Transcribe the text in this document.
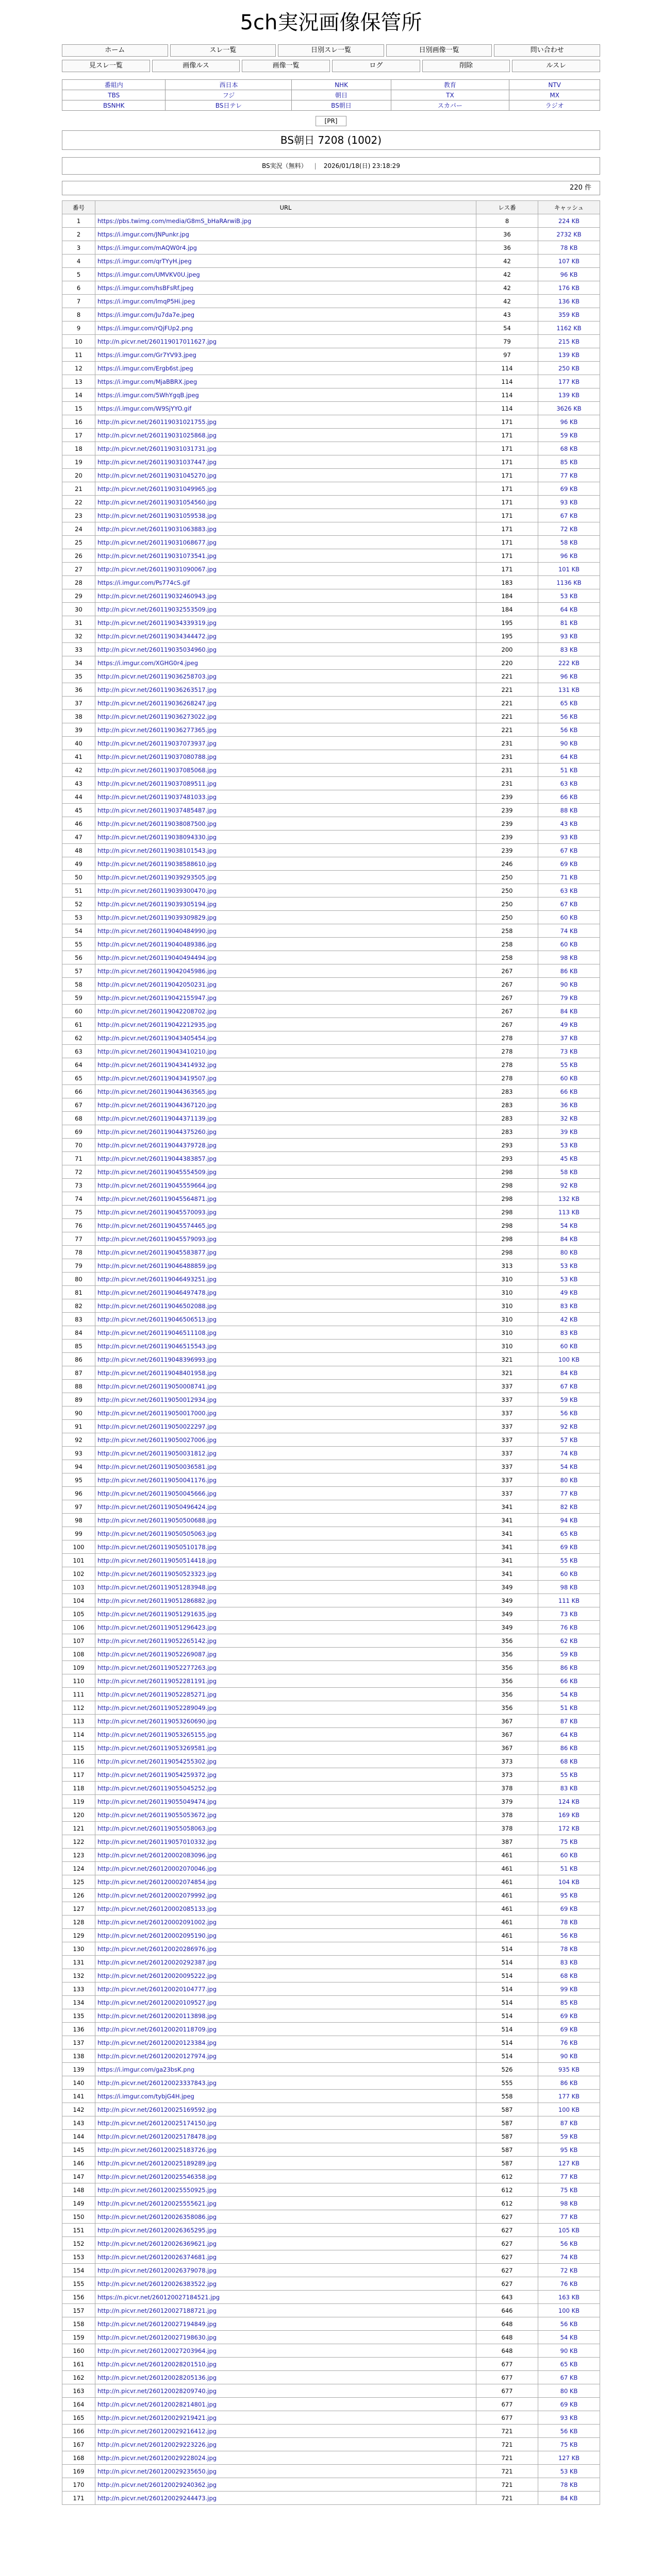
5ch実況画像保管所
ホーム	スレ一覧	日別スレ一覧	日別画像一覧	問い合わせ
見スレ一覧	画像ルス	画像一覧	ログ	削除	ルスレ
番組内	西日本	NHK	教育	NTV
TBS	フジ	朝日	TX	MX
BSNHK	BS日テレ	BS朝日	スカパー	ラジオ
[PR]
BS朝日 7208 (1002)
BS実況（無料） | 2026/01/18(日) 23:18:29
220 件
番号	URL	レス番	キャッシュ
1	https://pbs.twimg.com/media/G8mS_bHaRArwiB.jpg	8	224 KB
2	https://i.imgur.com/JNPunkr.jpg	36	2732 KB
3	https://i.imgur.com/mAQW0r4.jpg	36	78 KB
4	https://i.imgur.com/qrTYyH.jpeg	42	107 KB
5	https://i.imgur.com/UMVKV0U.jpeg	42	96 KB
6	https://i.imgur.com/hsBFsRf.jpeg	42	176 KB
7	https://i.imgur.com/lmqP5Hi.jpeg	42	136 KB
8	https://i.imgur.com/Ju7da7e.jpeg	43	359 KB
9	https://i.imgur.com/rQjFUp2.png	54	1162 KB
10	http://n.picvr.net/260119017011627.jpg	79	215 KB
11	https://i.imgur.com/Gr7YV93.jpeg	97	139 KB
12	https://i.imgur.com/Ergb6st.jpeg	114	250 KB
13	https://i.imgur.com/MjaBBRX.jpeg	114	177 KB
14	https://i.imgur.com/5WhYgqB.jpeg	114	139 KB
15	https://i.imgur.com/W9SjYYO.gif	114	3626 KB
16	http://n.picvr.net/260119031021755.jpg	171	96 KB
17	http://n.picvr.net/260119031025868.jpg	171	59 KB
18	http://n.picvr.net/260119031031731.jpg	171	68 KB
19	http://n.picvr.net/260119031037447.jpg	171	85 KB
20	http://n.picvr.net/260119031045270.jpg	171	77 KB
21	http://n.picvr.net/260119031049965.jpg	171	69 KB
22	http://n.picvr.net/260119031054560.jpg	171	93 KB
23	http://n.picvr.net/260119031059538.jpg	171	67 KB
24	http://n.picvr.net/260119031063883.jpg	171	72 KB
25	http://n.picvr.net/260119031068677.jpg	171	58 KB
26	http://n.picvr.net/260119031073541.jpg	171	96 KB
27	http://n.picvr.net/260119031090067.jpg	171	101 KB
28	https://i.imgur.com/Ps774cS.gif	183	1136 KB
29	http://n.picvr.net/260119032460943.jpg	184	53 KB
30	http://n.picvr.net/260119032553509.jpg	184	64 KB
31	http://n.picvr.net/260119034339319.jpg	195	81 KB
32	http://n.picvr.net/260119034344472.jpg	195	93 KB
33	http://n.picvr.net/260119035034960.jpg	200	83 KB
34	https://i.imgur.com/XGHG0r4.jpeg	220	222 KB
35	http://n.picvr.net/260119036258703.jpg	221	96 KB
36	http://n.picvr.net/260119036263517.jpg	221	131 KB
37	http://n.picvr.net/260119036268247.jpg	221	65 KB
38	http://n.picvr.net/260119036273022.jpg	221	56 KB
39	http://n.picvr.net/260119036277365.jpg	221	56 KB
40	http://n.picvr.net/260119037073937.jpg	231	90 KB
41	http://n.picvr.net/260119037080788.jpg	231	64 KB
42	http://n.picvr.net/260119037085068.jpg	231	51 KB
43	http://n.picvr.net/260119037089511.jpg	231	63 KB
44	http://n.picvr.net/260119037481033.jpg	239	66 KB
45	http://n.picvr.net/260119037485487.jpg	239	88 KB
46	http://n.picvr.net/260119038087500.jpg	239	43 KB
47	http://n.picvr.net/260119038094330.jpg	239	93 KB
48	http://n.picvr.net/260119038101543.jpg	239	67 KB
49	http://n.picvr.net/260119038588610.jpg	246	69 KB
50	http://n.picvr.net/260119039293505.jpg	250	71 KB
51	http://n.picvr.net/260119039300470.jpg	250	63 KB
52	http://n.picvr.net/260119039305194.jpg	250	67 KB
53	http://n.picvr.net/260119039309829.jpg	250	60 KB
54	http://n.picvr.net/260119040484990.jpg	258	74 KB
55	http://n.picvr.net/260119040489386.jpg	258	60 KB
56	http://n.picvr.net/260119040494494.jpg	258	98 KB
57	http://n.picvr.net/260119042045986.jpg	267	86 KB
58	http://n.picvr.net/260119042050231.jpg	267	90 KB
59	http://n.picvr.net/260119042155947.jpg	267	79 KB
60	http://n.picvr.net/260119042208702.jpg	267	84 KB
61	http://n.picvr.net/260119042212935.jpg	267	49 KB
62	http://n.picvr.net/260119043405454.jpg	278	37 KB
63	http://n.picvr.net/260119043410210.jpg	278	73 KB
64	http://n.picvr.net/260119043414932.jpg	278	55 KB
65	http://n.picvr.net/260119043419507.jpg	278	60 KB
66	http://n.picvr.net/260119044363565.jpg	283	66 KB
67	http://n.picvr.net/260119044367120.jpg	283	36 KB
68	http://n.picvr.net/260119044371139.jpg	283	32 KB
69	http://n.picvr.net/260119044375260.jpg	283	39 KB
70	http://n.picvr.net/260119044379728.jpg	293	53 KB
71	http://n.picvr.net/260119044383857.jpg	293	45 KB
72	http://n.picvr.net/260119045554509.jpg	298	58 KB
73	http://n.picvr.net/260119045559664.jpg	298	92 KB
74	http://n.picvr.net/260119045564871.jpg	298	132 KB
75	http://n.picvr.net/260119045570093.jpg	298	113 KB
76	http://n.picvr.net/260119045574465.jpg	298	54 KB
77	http://n.picvr.net/260119045579093.jpg	298	84 KB
78	http://n.picvr.net/260119045583877.jpg	298	80 KB
79	http://n.picvr.net/260119046488859.jpg	313	53 KB
80	http://n.picvr.net/260119046493251.jpg	310	53 KB
81	http://n.picvr.net/260119046497478.jpg	310	49 KB
82	http://n.picvr.net/260119046502088.jpg	310	83 KB
83	http://n.picvr.net/260119046506513.jpg	310	42 KB
84	http://n.picvr.net/260119046511108.jpg	310	83 KB
85	http://n.picvr.net/260119046515543.jpg	310	60 KB
86	http://n.picvr.net/260119048396993.jpg	321	100 KB
87	http://n.picvr.net/260119048401958.jpg	321	84 KB
88	http://n.picvr.net/260119050008741.jpg	337	67 KB
89	http://n.picvr.net/260119050012934.jpg	337	59 KB
90	http://n.picvr.net/260119050017000.jpg	337	56 KB
91	http://n.picvr.net/260119050022297.jpg	337	92 KB
92	http://n.picvr.net/260119050027006.jpg	337	57 KB
93	http://n.picvr.net/260119050031812.jpg	337	74 KB
94	http://n.picvr.net/260119050036581.jpg	337	54 KB
95	http://n.picvr.net/260119050041176.jpg	337	80 KB
96	http://n.picvr.net/260119050045666.jpg	337	77 KB
97	http://n.picvr.net/260119050496424.jpg	341	82 KB
98	http://n.picvr.net/260119050500688.jpg	341	94 KB
99	http://n.picvr.net/260119050505063.jpg	341	65 KB
100	http://n.picvr.net/260119050510178.jpg	341	69 KB
101	http://n.picvr.net/260119050514418.jpg	341	55 KB
102	http://n.picvr.net/260119050523323.jpg	341	60 KB
103	http://n.picvr.net/260119051283948.jpg	349	98 KB
104	http://n.picvr.net/260119051286882.jpg	349	111 KB
105	http://n.picvr.net/260119051291635.jpg	349	73 KB
106	http://n.picvr.net/260119051296423.jpg	349	76 KB
107	http://n.picvr.net/260119052265142.jpg	356	62 KB
108	http://n.picvr.net/260119052269087.jpg	356	59 KB
109	http://n.picvr.net/260119052277263.jpg	356	86 KB
110	http://n.picvr.net/260119052281191.jpg	356	66 KB
111	http://n.picvr.net/260119052285271.jpg	356	54 KB
112	http://n.picvr.net/260119052289049.jpg	356	51 KB
113	http://n.picvr.net/260119053260690.jpg	367	87 KB
114	http://n.picvr.net/260119053265155.jpg	367	64 KB
115	http://n.picvr.net/260119053269581.jpg	367	86 KB
116	http://n.picvr.net/260119054255302.jpg	373	68 KB
117	http://n.picvr.net/260119054259372.jpg	373	55 KB
118	http://n.picvr.net/260119055045252.jpg	378	83 KB
119	http://n.picvr.net/260119055049474.jpg	379	124 KB
120	http://n.picvr.net/260119055053672.jpg	378	169 KB
121	http://n.picvr.net/260119055058063.jpg	378	172 KB
122	http://n.picvr.net/260119057010332.jpg	387	75 KB
123	http://n.picvr.net/260120002083096.jpg	461	60 KB
124	http://n.picvr.net/260120002070046.jpg	461	51 KB
125	http://n.picvr.net/260120002074854.jpg	461	104 KB
126	http://n.picvr.net/260120002079992.jpg	461	95 KB
127	http://n.picvr.net/260120002085133.jpg	461	69 KB
128	http://n.picvr.net/260120002091002.jpg	461	78 KB
129	http://n.picvr.net/260120002095190.jpg	461	56 KB
130	http://n.picvr.net/260120020286976.jpg	514	78 KB
131	http://n.picvr.net/260120020292387.jpg	514	83 KB
132	http://n.picvr.net/260120020095222.jpg	514	68 KB
133	http://n.picvr.net/260120020104777.jpg	514	99 KB
134	http://n.picvr.net/260120020109527.jpg	514	85 KB
135	http://n.picvr.net/260120020113898.jpg	514	69 KB
136	http://n.picvr.net/260120020118709.jpg	514	69 KB
137	http://n.picvr.net/260120020123384.jpg	514	76 KB
138	http://n.picvr.net/260120020127974.jpg	514	90 KB
139	https://i.imgur.com/ga23bsK.png	526	935 KB
140	http://n.picvr.net/260120023337843.jpg	555	86 KB
141	https://i.imgur.com/tybjG4H.jpeg	558	177 KB
142	http://n.picvr.net/260120025169592.jpg	587	100 KB
143	http://n.picvr.net/260120025174150.jpg	587	87 KB
144	http://n.picvr.net/260120025178478.jpg	587	59 KB
145	http://n.picvr.net/260120025183726.jpg	587	95 KB
146	http://n.picvr.net/260120025189289.jpg	587	127 KB
147	http://n.picvr.net/260120025546358.jpg	612	77 KB
148	http://n.picvr.net/260120025550925.jpg	612	75 KB
149	http://n.picvr.net/260120025555621.jpg	612	98 KB
150	http://n.picvr.net/260120026358086.jpg	627	77 KB
151	http://n.picvr.net/260120026365295.jpg	627	105 KB
152	http://n.picvr.net/260120026369621.jpg	627	56 KB
153	http://n.picvr.net/260120026374681.jpg	627	74 KB
154	http://n.picvr.net/260120026379078.jpg	627	72 KB
155	http://n.picvr.net/260120026383522.jpg	627	76 KB
156	https://n.picvr.net/260120027184521.jpg	643	163 KB
157	http://n.picvr.net/260120027188721.jpg	646	100 KB
158	http://n.picvr.net/260120027194849.jpg	648	56 KB
159	http://n.picvr.net/260120027198630.jpg	648	54 KB
160	http://n.picvr.net/260120027203964.jpg	648	90 KB
161	http://n.picvr.net/260120028201510.jpg	677	65 KB
162	http://n.picvr.net/260120028205136.jpg	677	67 KB
163	http://n.picvr.net/260120028209740.jpg	677	80 KB
164	http://n.picvr.net/260120028214801.jpg	677	69 KB
165	http://n.picvr.net/260120029219421.jpg	677	93 KB
166	http://n.picvr.net/260120029216412.jpg	721	56 KB
167	http://n.picvr.net/260120029223226.jpg	721	75 KB
168	http://n.picvr.net/260120029228024.jpg	721	127 KB
169	http://n.picvr.net/260120029235650.jpg	721	53 KB
170	http://n.picvr.net/260120029240362.jpg	721	78 KB
171	http://n.picvr.net/260120029244473.jpg	721	84 KB
